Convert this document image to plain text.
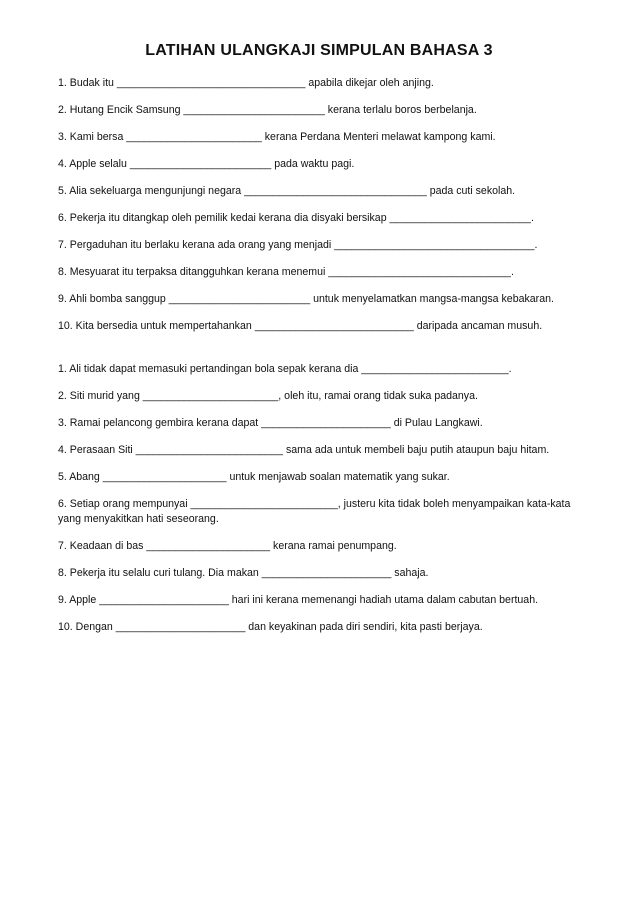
LATIHAN ULANGKAJI SIMPULAN BAHASA 3
1. Budak itu ________________________________ apabila dikejar oleh anjing.
2. Hutang Encik Samsung ________________________ kerana terlalu boros berbelanja.
3. Kami bersa _______________________ kerana Perdana Menteri melawat kampong kami.
4. Apple selalu ________________________ pada waktu pagi.
5. Alia sekeluarga mengunjungi negara _______________________________ pada cuti sekolah.
6. Pekerja itu ditangkap oleh pemilik kedai kerana dia disyaki bersikap ________________________.
7. Pergaduhan itu berlaku kerana ada orang yang menjadi __________________________________.
8. Mesyuarat itu terpaksa ditangguhkan kerana menemui _______________________________.
9. Ahli bomba sanggup ________________________ untuk menyelamatkan mangsa-mangsa kebakaran.
10. Kita bersedia untuk mempertahankan ___________________________ daripada ancaman musuh.
1. Ali tidak dapat memasuki pertandingan bola sepak kerana dia _________________________.
2. Siti murid yang _______________________, oleh itu, ramai orang tidak suka padanya.
3. Ramai pelancong gembira kerana dapat ______________________ di Pulau Langkawi.
4. Perasaan Siti _________________________ sama ada untuk membeli baju putih ataupun baju hitam.
5. Abang _____________________ untuk menjawab soalan matematik yang sukar.
6. Setiap orang mempunyai _________________________, justeru kita tidak boleh menyampaikan kata-kata yang menyakitkan hati seseorang.
7. Keadaan di bas _____________________ kerana ramai penumpang.
8. Pekerja itu selalu curi tulang. Dia makan ______________________ sahaja.
9. Apple ______________________ hari ini kerana memenangi hadiah utama dalam cabutan bertuah.
10. Dengan ______________________ dan keyakinan pada diri sendiri, kita pasti berjaya.
